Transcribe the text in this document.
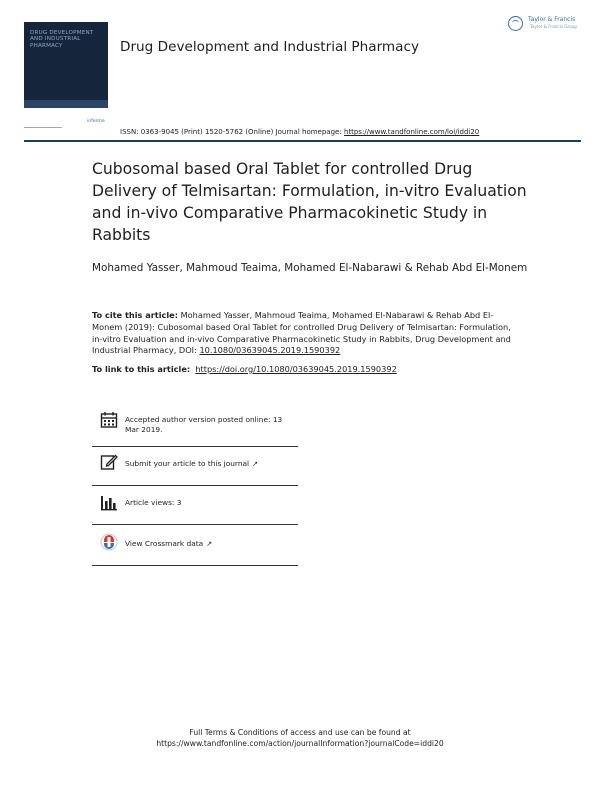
DRUG DEVELOPMENT AND INDUSTRIAL PHARMACY	Drug Development and Industrial Pharmacy
Taylor & Francis
Taylor & Francis Group
informa
ISSN: 0363-9045 (Print) 1520-5762 (Online) Journal homepage: https://www.tandfonline.com/loi/iddi20
Cubosomal based Oral Tablet for controlled Drug Delivery of Telmisartan: Formulation, in-vitro Evaluation and in-vivo Comparative Pharmacokinetic Study in Rabbits
Mohamed Yasser, Mahmoud Teaima, Mohamed El-Nabarawi & Rehab Abd El-Monem
To cite this article: Mohamed Yasser, Mahmoud Teaima, Mohamed El-Nabarawi & Rehab Abd El-Monem (2019): Cubosomal based Oral Tablet for controlled Drug Delivery of Telmisartan: Formulation, in-vitro Evaluation and in-vivo Comparative Pharmacokinetic Study in Rabbits, Drug Development and Industrial Pharmacy, DOI: 10.1080/03639045.2019.1590392
To link to this article: https://doi.org/10.1080/03639045.2019.1590392
Accepted author version posted online: 13 Mar 2019.
Submit your article to this journal ↗
Article views: 3
View Crossmark data ↗
Full Terms & Conditions of access and use can be found at
https://www.tandfonline.com/action/journalInformation?journalCode=iddi20
